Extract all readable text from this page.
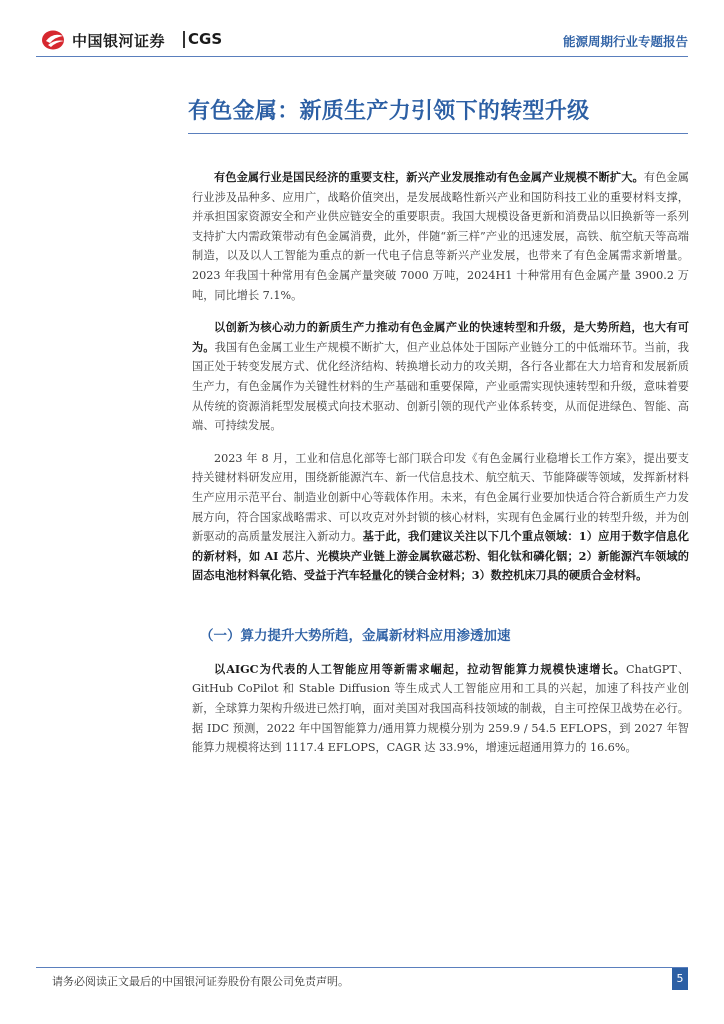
中国银河证券 CGS	能源周期行业专题报告
有色金属：新质生产力引领下的转型升级

有色金属行业是国民经济的重要支柱，新兴产业发展推动有色金属产业规模不断扩大。有色金属行业涉及品种多、应用广，战略价值突出，是发展战略性新兴产业和国防科技工业的重要材料支撑，并承担国家资源安全和产业供应链安全的重要职责。我国大规模设备更新和消费品以旧换新等一系列支持扩大内需政策带动有色金属消费，此外，伴随“新三样”产业的迅速发展，高铁、航空航天等高端制造，以及以人工智能为重点的新一代电子信息等新兴产业发展，也带来了有色金属需求新增量。2023 年我国十种常用有色金属产量突破 7000 万吨，2024H1 十种常用有色金属产量 3900.2 万吨，同比增长 7.1%。

以创新为核心动力的新质生产力推动有色金属产业的快速转型和升级，是大势所趋，也大有可为。我国有色金属工业生产规模不断扩大，但产业总体处于国际产业链分工的中低端环节。当前，我国正处于转变发展方式、优化经济结构、转换增长动力的攻关期，各行各业都在大力培育和发展新质生产力，有色金属作为关键性材料的生产基础和重要保障，产业亟需实现快速转型和升级，意味着要从传统的资源消耗型发展模式向技术驱动、创新引领的现代产业体系转变，从而促进绿色、智能、高端、可持续发展。

2023 年 8 月，工业和信息化部等七部门联合印发《有色金属行业稳增长工作方案》，提出要支持关键材料研发应用，围绕新能源汽车、新一代信息技术、航空航天、节能降碳等领域，发挥新材料生产应用示范平台、制造业创新中心等载体作用。未来，有色金属行业要加快适合符合新质生产力发展方向，符合国家战略需求、可以攻克对外封锁的核心材料，实现有色金属行业的转型升级，并为创新驱动的高质量发展注入新动力。基于此，我们建议关注以下几个重点领域：1）应用于数字信息化的新材料，如 AI 芯片、光模块产业链上游金属软磁芯粉、钼化钛和磷化铟；2）新能源汽车领域的固态电池材料氧化锆、受益于汽车轻量化的镁合金材料；3）数控机床刀具的硬质合金材料。

（一）算力提升大势所趋，金属新材料应用渗透加速

以AIGC为代表的人工智能应用等新需求崛起，拉动智能算力规模快速增长。ChatGPT、GitHub CoPilot 和 Stable Diffusion 等生成式人工智能应用和工具的兴起，加速了科技产业创新，全球算力架构升级进已然打响，面对美国对我国高科技领域的制裁，自主可控保卫战势在必行。据 IDC 预测，2022 年中国智能算力/通用算力规模分别为 259.9 / 54.5 EFLOPS，到 2027 年智能算力规模将达到 1117.4 EFLOPS，CAGR 达 33.9%，增速远超通用算力的 16.6%。

请务必阅读正文最后的中国银河证券股份有限公司免责声明。	5
